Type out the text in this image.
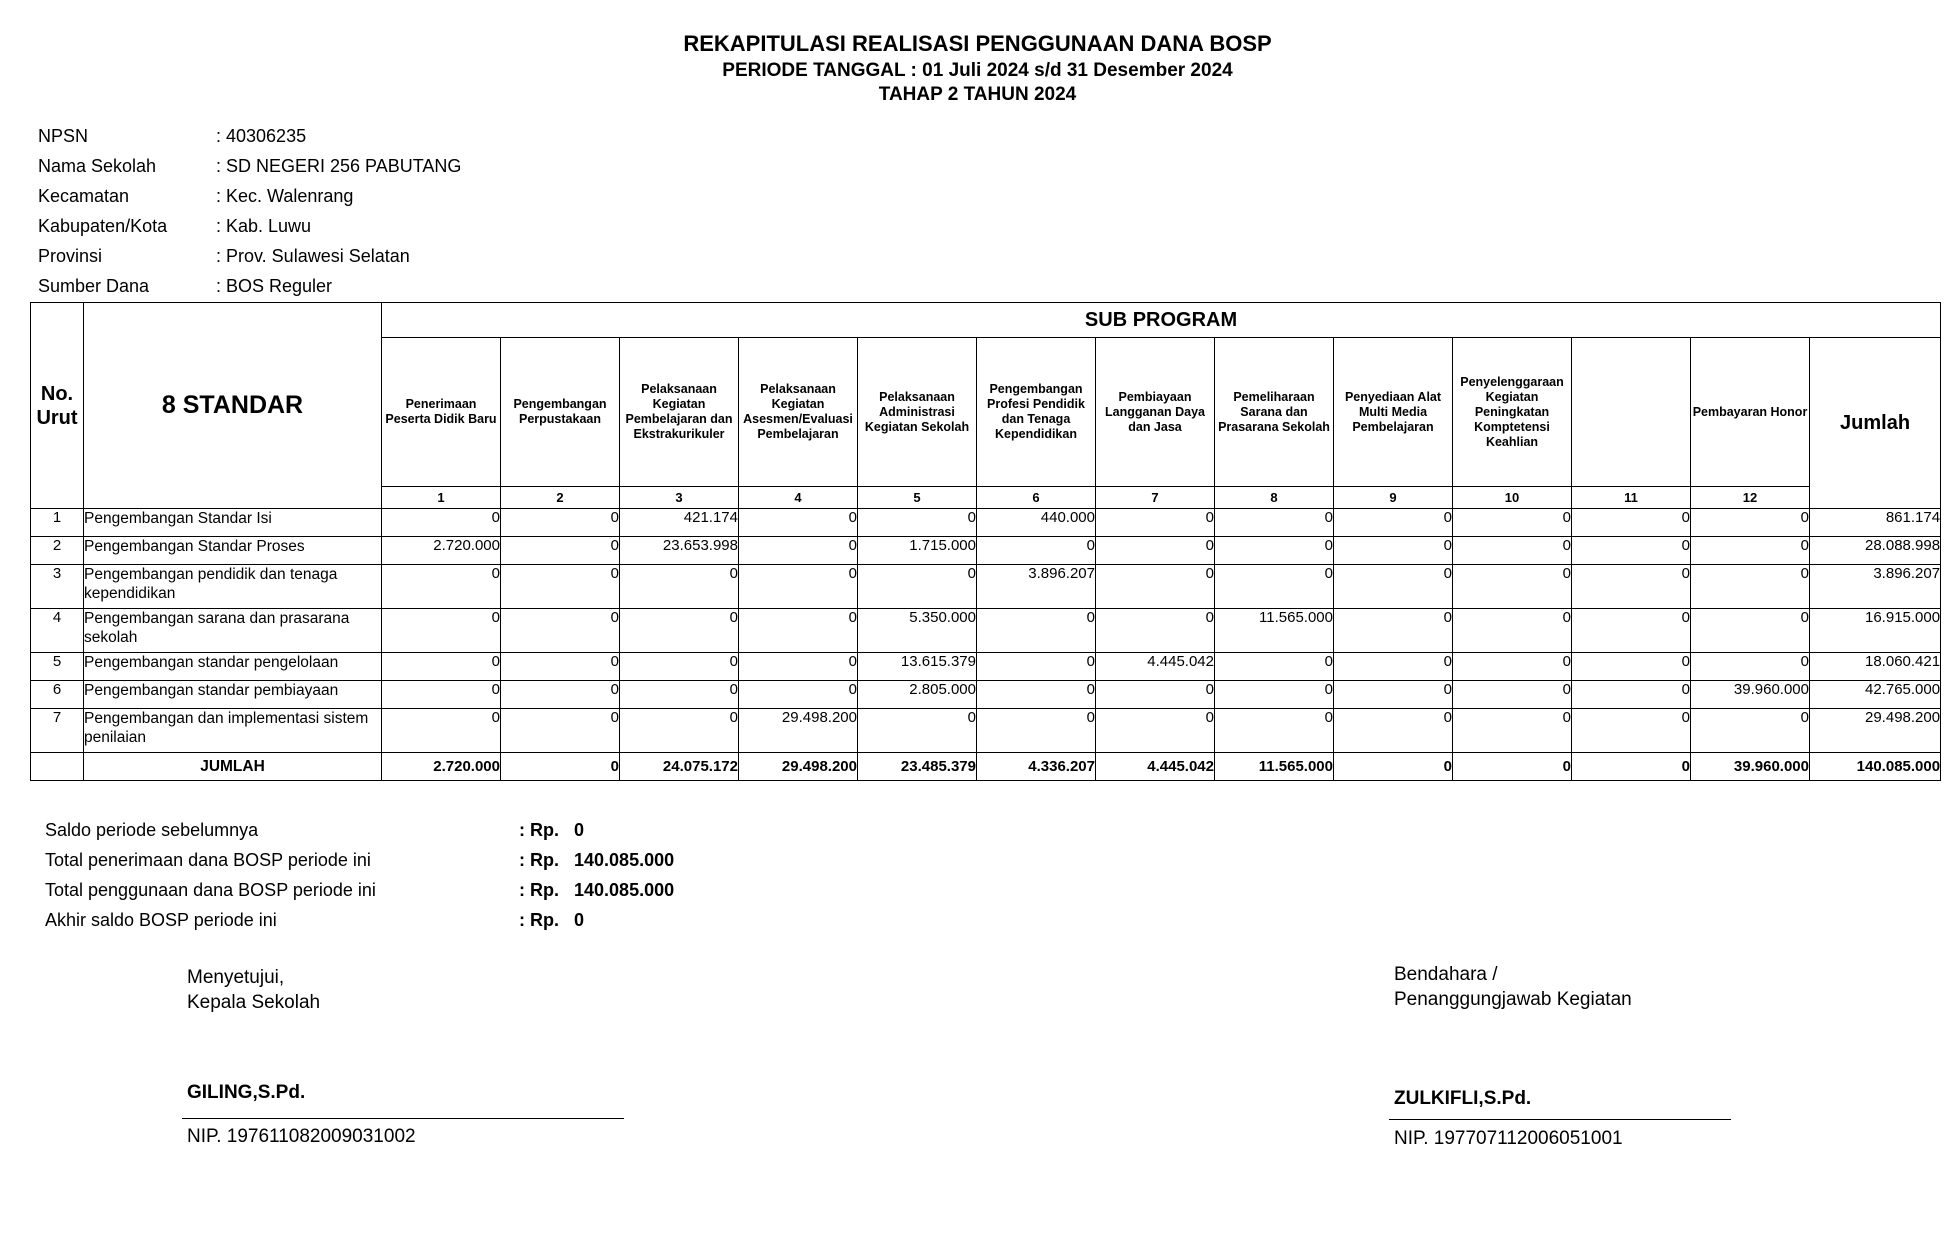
REKAPITULASI REALISASI PENGGUNAAN DANA BOSP
PERIODE TANGGAL : 01 Juli 2024 s/d 31 Desember 2024
TAHAP 2 TAHUN 2024
NPSN	: 40306235
Nama Sekolah	: SD NEGERI 256 PABUTANG
Kecamatan	: Kec. Walenrang
Kabupaten/Kota	: Kab. Luwu
Provinsi	: Prov. Sulawesi Selatan
Sumber Dana	: BOS Reguler
No. Urut	8 STANDAR	SUB PROGRAM												
		Penerimaan Peserta Didik Baru	Pengembangan Perpustakaan	Pelaksanaan Kegiatan Pembelajaran dan Ekstrakurikuler	Pelaksanaan Kegiatan Asesmen/Evaluasi Pembelajaran	Pelaksanaan Administrasi Kegiatan Sekolah	Pengembangan Profesi Pendidik dan Tenaga Kependidikan	Pembiayaan Langganan Daya dan Jasa	Pemeliharaan Sarana dan Prasarana Sekolah	Penyediaan Alat Multi Media Pembelajaran	Penyelenggaraan Kegiatan Peningkatan Komptetensi Keahlian		Pembayaran Honor	Jumlah
		1	2	3	4	5	6	7	8	9	10	11	12	
1	Pengembangan Standar Isi	0	0	421.174	0	0	440.000	0	0	0	0	0	0	861.174
2	Pengembangan Standar Proses	2.720.000	0	23.653.998	0	1.715.000	0	0	0	0	0	0	0	28.088.998
3	Pengembangan pendidik dan tenaga kependidikan	0	0	0	0	0	3.896.207	0	0	0	0	0	0	3.896.207
4	Pengembangan sarana dan prasarana sekolah	0	0	0	0	5.350.000	0	0	11.565.000	0	0	0	0	16.915.000
5	Pengembangan standar pengelolaan	0	0	0	0	13.615.379	0	4.445.042	0	0	0	0	0	18.060.421
6	Pengembangan standar pembiayaan	0	0	0	0	2.805.000	0	0	0	0	0	0	39.960.000	42.765.000
7	Pengembangan dan implementasi sistem penilaian	0	0	0	29.498.200	0	0	0	0	0	0	0	0	29.498.200
	JUMLAH	2.720.000	0	24.075.172	29.498.200	23.485.379	4.336.207	4.445.042	11.565.000	0	0	0	39.960.000	140.085.000
Saldo periode sebelumnya	: Rp. 0
Total penerimaan dana BOSP periode ini	: Rp. 140.085.000
Total penggunaan dana BOSP periode ini	: Rp. 140.085.000
Akhir saldo BOSP periode ini	: Rp. 0
Menyetujui,
Kepala Sekolah
GILING,S.Pd.
NIP. 197611082009031002
Bendahara /
Penanggungjawab Kegiatan
ZULKIFLI,S.Pd.
NIP. 197707112006051001
